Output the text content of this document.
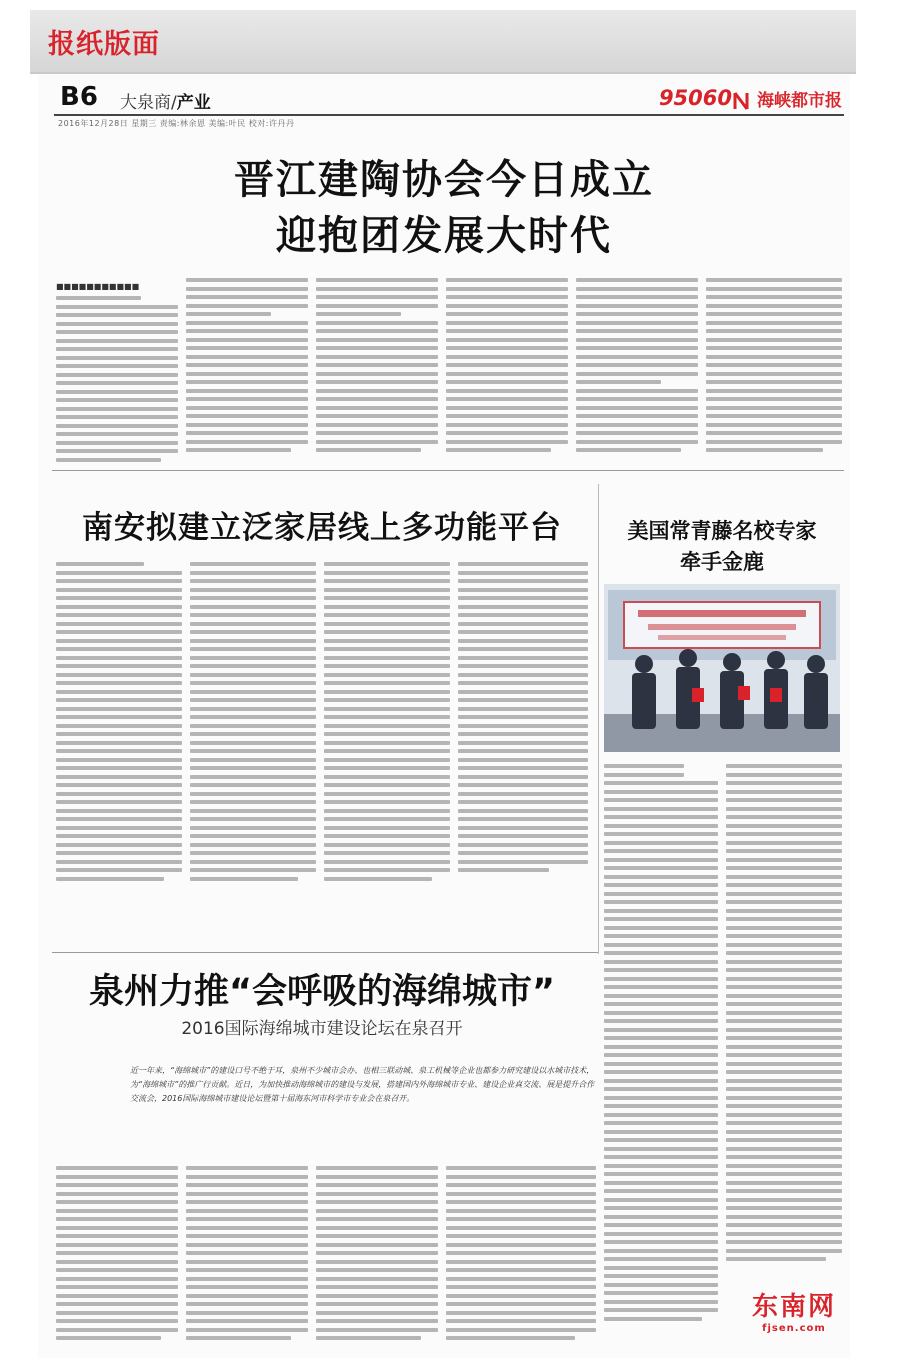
报纸版面
B6 大泉商/产业	95060	海峡都市报
2016年12月28日 星期三 责编:林余恩 美编:叶民 校对:许丹丹
晋江建陶协会今日成立
迎抱团发展大时代
■■■■■■■■■■■
南安拟建立泛家居线上多功能平台	美国常青藤名校专家
牵手金鹿
泉州力推“会呼吸的海绵城市”
2016国际海绵城市建设论坛在泉召开
近一年来，“海绵城市”的建设口号不绝于耳，泉州不少城市会办、也相三联动城、泉工机械等企业也都参力研究建设以水城市技术，为“海绵城市”的推广行贡献。近日，为加快推动海绵城市的建设与发展，搭建国内外海绵城市专业、建设企业真交流、展是提升合作交流会，2016国际海绵城市建设论坛暨第十届海东河市科学市专业会在泉召开。
东南网
fjsen.com
